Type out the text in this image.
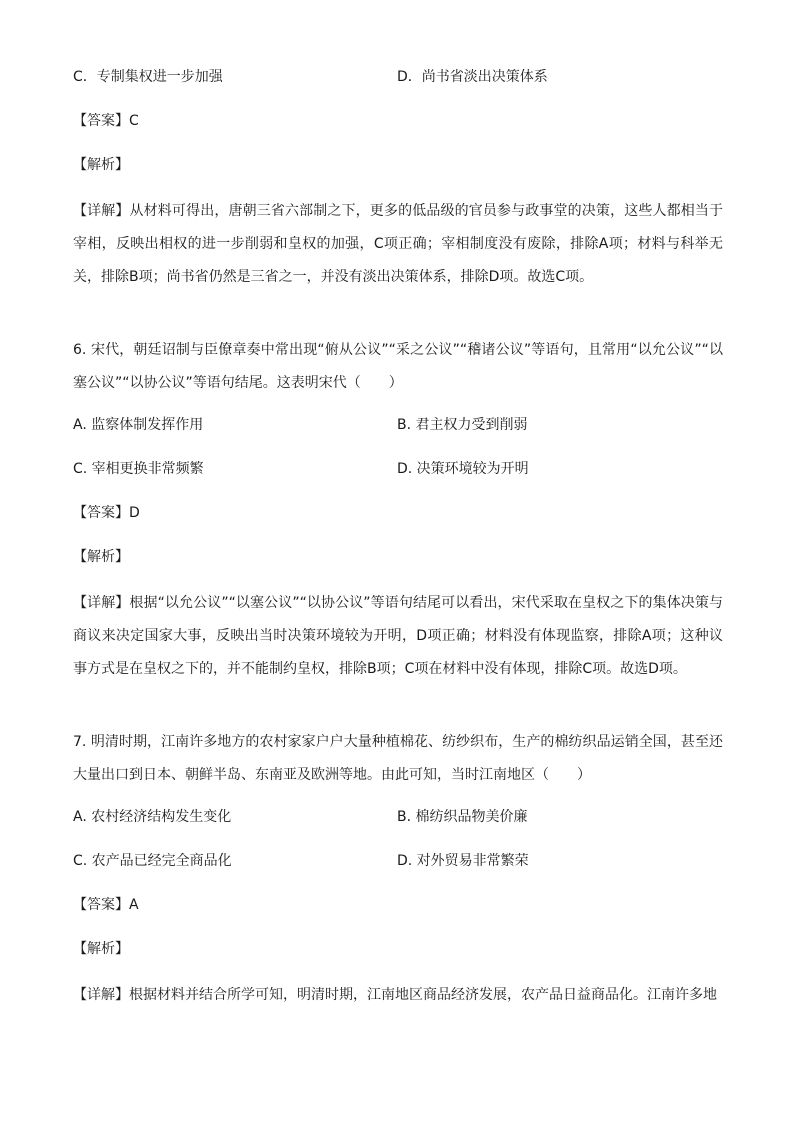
C．专制集权进一步加强	D．尚书省淡出决策体系
【答案】C
【解析】
【详解】从材料可得出，唐朝三省六部制之下，更多的低品级的官员参与政事堂的决策，这些人都相当于宰相，反映出相权的进一步削弱和皇权的加强，C项正确；宰相制度没有废除，排除A项；材料与科举无关，排除B项；尚书省仍然是三省之一，并没有淡出决策体系，排除D项。故选C项。
6. 宋代，朝廷诏制与臣僚章奏中常出现“俯从公议”“采之公议”“稽诸公议”等语句，且常用“以允公议”“以塞公议”“以协公议”等语句结尾。这表明宋代（　　）
A. 监察体制发挥作用	B. 君主权力受到削弱
C. 宰相更换非常频繁	D. 决策环境较为开明
【答案】D
【解析】
【详解】根据“以允公议”“以塞公议”“以协公议”等语句结尾可以看出，宋代采取在皇权之下的集体决策与商议来决定国家大事，反映出当时决策环境较为开明，D项正确；材料没有体现监察，排除A项；这种议事方式是在皇权之下的，并不能制约皇权，排除B项；C项在材料中没有体现，排除C项。故选D项。
7. 明清时期，江南许多地方的农村家家户户大量种植棉花、纺纱织布，生产的棉纺织品运销全国，甚至还大量出口到日本、朝鲜半岛、东南亚及欧洲等地。由此可知，当时江南地区（　　）
A. 农村经济结构发生变化	B. 棉纺织品物美价廉
C. 农产品已经完全商品化	D. 对外贸易非常繁荣
【答案】A
【解析】
【详解】根据材料并结合所学可知，明清时期，江南地区商品经济发展，农产品日益商品化。江南许多地
